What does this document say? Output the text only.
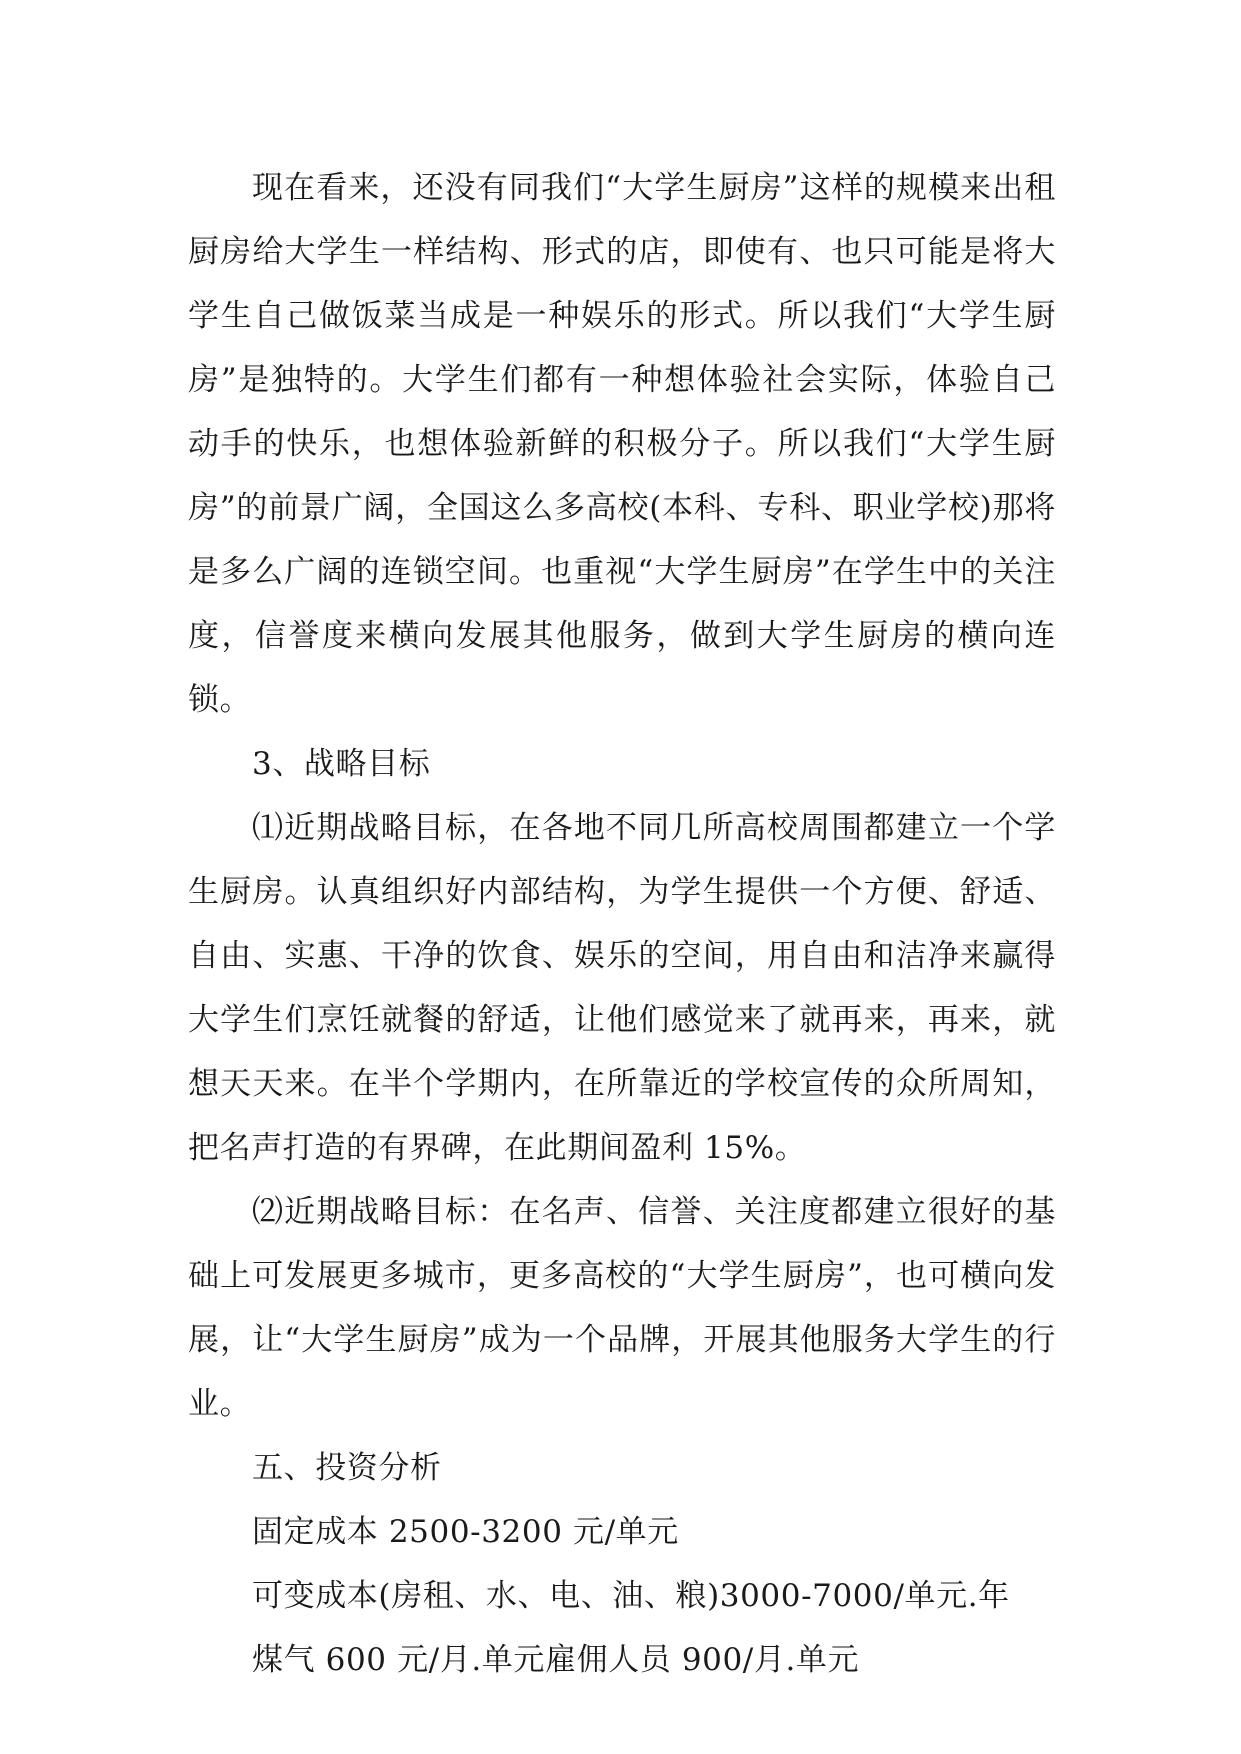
现在看来，还没有同我们“大学生厨房”这样的规模来出租厨房给大学生一样结构、形式的店，即使有、也只可能是将大学生自己做饭菜当成是一种娱乐的形式。所以我们“大学生厨房”是独特的。大学生们都有一种想体验社会实际，体验自己动手的快乐，也想体验新鲜的积极分子。所以我们“大学生厨房”的前景广阔，全国这么多高校(本科、专科、职业学校)那将是多么广阔的连锁空间。也重视“大学生厨房”在学生中的关注度，信誉度来横向发展其他服务，做到大学生厨房的横向连锁。

3、战略目标

⑴近期战略目标，在各地不同几所高校周围都建立一个学生厨房。认真组织好内部结构，为学生提供一个方便、舒适、自由、实惠、干净的饮食、娱乐的空间，用自由和洁净来赢得大学生们烹饪就餐的舒适，让他们感觉来了就再来，再来，就想天天来。在半个学期内，在所靠近的学校宣传的众所周知，把名声打造的有界碑，在此期间盈利 15%。

⑵近期战略目标：在名声、信誉、关注度都建立很好的基础上可发展更多城市，更多高校的“大学生厨房”，也可横向发展，让“大学生厨房”成为一个品牌，开展其他服务大学生的行业。

五、投资分析

固定成本 2500-3200 元/单元

可变成本(房租、水、电、油、粮)3000-7000/单元.年

煤气 600 元/月.单元雇佣人员 900/月.单元
